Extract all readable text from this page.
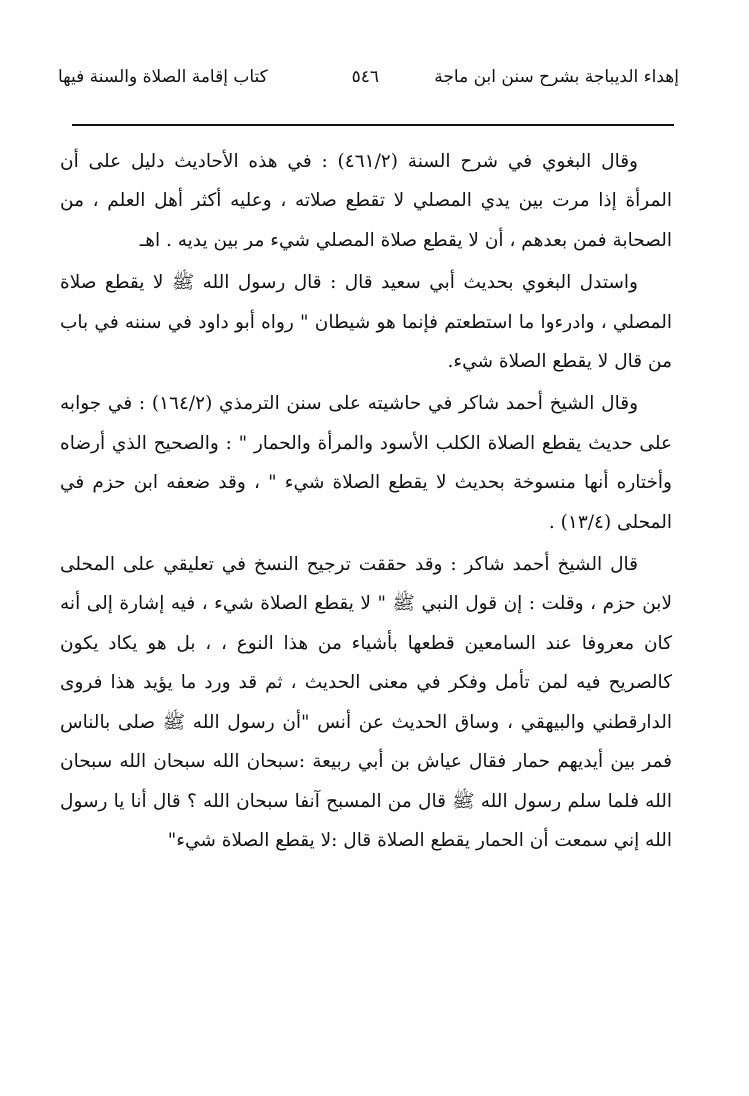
إهداء الديباجة بشرح سنن ابن ماجة
٥٤٦
كتاب إقامة الصلاة والسنة فيها

وقال البغوي في شرح السنة (٤٦١/٢) : في هذه الأحاديث دليل على أن المرأة إذا مرت بين يدي المصلي لا تقطع صلاته ، وعليه أكثر أهل العلم ، من الصحابة فمن بعدهم ، أن لا يقطع صلاة المصلي شيء مر بين يديه . اهـ

واستدل البغوي بحديث أبي سعيد قال : قال رسول الله ﷺ لا يقطع صلاة المصلي ، وادرءوا ما استطعتم فإنما هو شيطان " رواه أبو داود في سننه في باب من قال لا يقطع الصلاة شيء.

وقال الشيخ أحمد شاكر في حاشيته على سنن الترمذي (١٦٤/٢) : في جوابه على حديث يقطع الصلاة الكلب الأسود والمرأة والحمار " : والصحيح الذي أرضاه وأختاره أنها منسوخة بحديث لا يقطع الصلاة شيء " ، وقد ضعفه ابن حزم في المحلى (١٣/٤) .

قال الشيخ أحمد شاكر : وقد حققت ترجيح النسخ في تعليقي على المحلى لابن حزم ، وقلت : إن قول النبي ﷺ " لا يقطع الصلاة شيء ، فيه إشارة إلى أنه كان معروفا عند السامعين قطعها بأشياء من هذا النوع ، ، بل هو يكاد يكون كالصريح فيه لمن تأمل وفكر في معنى الحديث ، ثم قد ورد ما يؤيد هذا فروى الدارقطني والبيهقي ، وساق الحديث عن أنس "أن رسول الله ﷺ صلى بالناس فمر بين أيديهم حمار فقال عياش بن أبي ربيعة :سبحان الله سبحان الله سبحان الله فلما سلم رسول الله ﷺ قال من المسبح آنفا سبحان الله ؟ قال أنا يا رسول الله إني سمعت أن الحمار يقطع الصلاة قال :لا يقطع الصلاة شيء"
